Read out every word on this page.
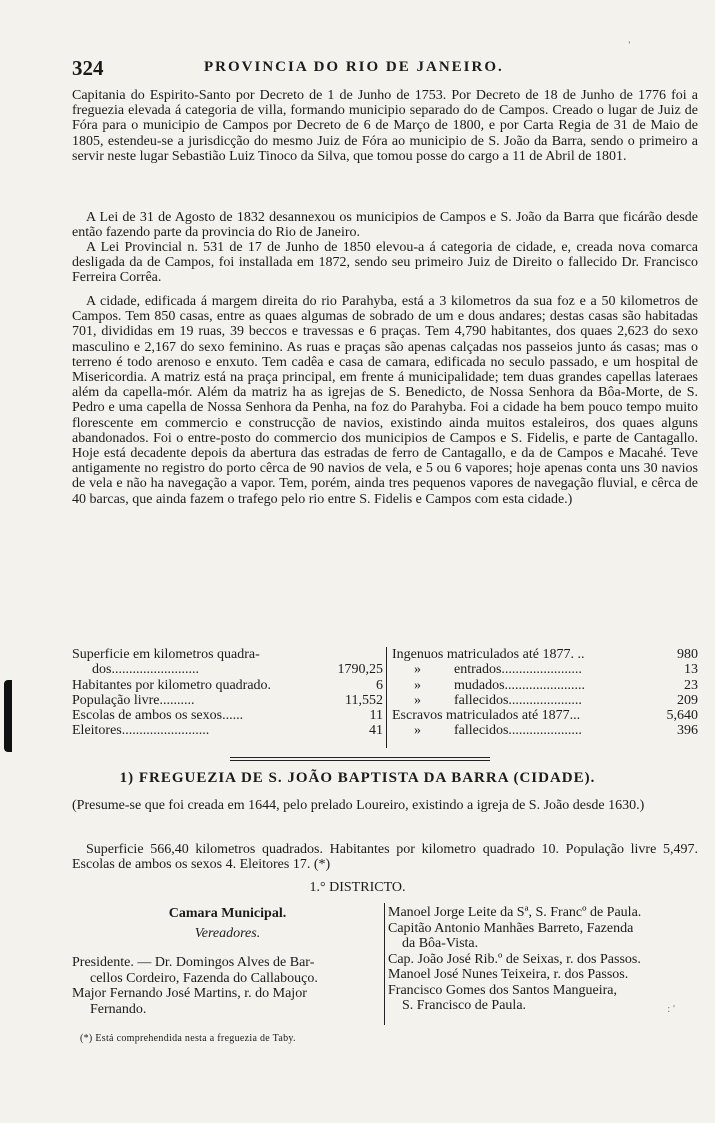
'
324	PROVINCIA DO RIO DE JANEIRO.

Capitania do Espirito-Santo por Decreto de 1 de Junho de 1753. Por Decreto de 18 de Junho de 1776 foi a freguezia elevada á categoria de villa, formando municipio separado do de Campos. Creado o lugar de Juiz de Fóra para o municipio de Campos por Decreto de 6 de Março de 1800, e por Carta Regia de 31 de Maio de 1805, estendeu-se a jurisdicção do mesmo Juiz de Fóra ao municipio de S. João da Barra, sendo o primeiro a servir neste lugar Sebastião Luiz Tinoco da Silva, que tomou posse do cargo a 11 de Abril de 1801.

A Lei de 31 de Agosto de 1832 desannexou os municipios de Campos e S. João da Barra que ficárão desde então fazendo parte da provincia do Rio de Janeiro.

A Lei Provincial n. 531 de 17 de Junho de 1850 elevou-a á categoria de cidade, e, creada nova comarca desligada da de Campos, foi installada em 1872, sendo seu primeiro Juiz de Direito o fallecido Dr. Francisco Ferreira Corrêa.

A cidade, edificada á margem direita do rio Parahyba, está a 3 kilometros da sua foz e a 50 kilometros de Campos. Tem 850 casas, entre as quaes algumas de sobrado de um e dous andares; destas casas são habitadas 701, divididas em 19 ruas, 39 beccos e travessas e 6 praças. Tem 4,790 habitantes, dos quaes 2,623 do sexo masculino e 2,167 do sexo feminino. As ruas e praças são apenas calçadas nos passeios junto ás casas; mas o terreno é todo arenoso e enxuto. Tem cadêa e casa de camara, edificada no seculo passado, e um hospital de Misericordia. A matriz está na praça principal, em frente á municipalidade; tem duas grandes capellas lateraes além da capella-mór. Além da matriz ha as igrejas de S. Benedicto, de Nossa Senhora da Bôa-Morte, de S. Pedro e uma capella de Nossa Senhora da Penha, na foz do Parahyba. Foi a cidade ha bem pouco tempo muito florescente em commercio e construcção de navios, existindo ainda muitos estaleiros, dos quaes alguns abandonados. Foi o entre-posto do commercio dos municipios de Campos e S. Fidelis, e parte de Cantagallo. Hoje está decadente depois da abertura das estradas de ferro de Cantagallo, e da de Campos e Macahé. Teve antigamente no registro do porto cêrca de 90 navios de vela, e 5 ou 6 vapores; hoje apenas conta uns 30 navios de vela e não ha navegação a vapor. Tem, porém, ainda tres pequenos vapores de navegação fluvial, e cêrca de 40 barcas, que ainda fazem o trafego pelo rio entre S. Fidelis e Campos com esta cidade.)

Superficie em kilometros quadra-
dos.........................	1790,25
Habitantes por kilometro quadrado.	6
População livre..........	11,552
Escolas de ambos os sexos......	11
Eleitores.........................	41
Ingenuos matriculados até 1877. ..	980
» entrados.......................	13
» mudados.......................	23
» fallecidos.....................	209
Escravos matriculados até 1877...	5,640
» fallecidos.....................	396
1) FREGUEZIA DE S. JOÃO BAPTISTA DA BARRA (CIDADE).

(Presume-se que foi creada em 1644, pelo prelado Loureiro, existindo a igreja de S. João desde 1630.)

Superficie 566,40 kilometros quadrados. Habitantes por kilometro quadrado 10. População livre 5,497. Escolas de ambos os sexos 4. Eleitores 17. (*)

1.° DISTRICTO.
Camara Municipal.
Vereadores.
Presidente. — Dr. Domingos Alves de Bar-
cellos Cordeiro, Fazenda do Callabouço.
Major Fernando José Martins, r. do Major
Fernando.
Manoel Jorge Leite da Sª, S. Francº de Paula.
Capitão Antonio Manhães Barreto, Fazenda
da Bôa-Vista.
Cap. João José Rib.º de Seixas, r. dos Passos.
Manoel José Nunes Teixeira, r. dos Passos.
Francisco Gomes dos Santos Mangueira,
S. Francisco de Paula.	: '
(*) Está comprehendida nesta a freguezia de Taby.
